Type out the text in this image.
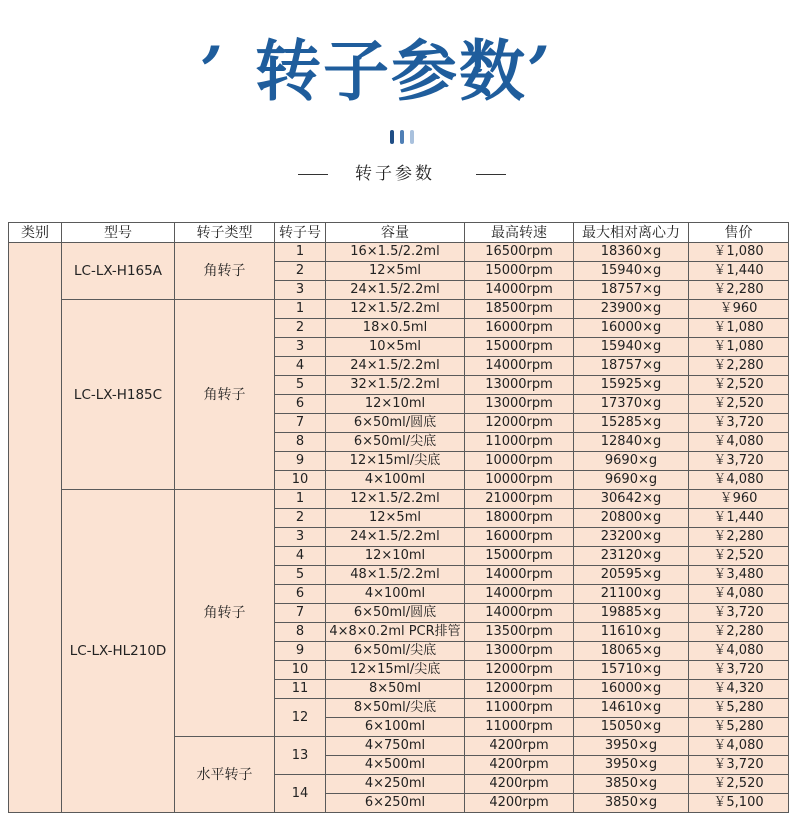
’ 转子参数’
转子参数
类别	型号	转子类型	转子号	容量	最高转速	最大相对离心力	售价
	LC-LX-H165A	角转子	1	16×1.5/2.2ml	16500rpm	18360×g	￥1,080
			2	12×5ml	15000rpm	15940×g	￥1,440
			3	24×1.5/2.2ml	14000rpm	18757×g	￥2,280
	LC-LX-H185C	角转子	1	12×1.5/2.2ml	18500rpm	23900×g	￥960
			2	18×0.5ml	16000rpm	16000×g	￥1,080
			3	10×5ml	15000rpm	15940×g	￥1,080
			4	24×1.5/2.2ml	14000rpm	18757×g	￥2,280
			5	32×1.5/2.2ml	13000rpm	15925×g	￥2,520
			6	12×10ml	13000rpm	17370×g	￥2,520
			7	6×50ml/圆底	12000rpm	15285×g	￥3,720
			8	6×50ml/尖底	11000rpm	12840×g	￥4,080
			9	12×15ml/尖底	10000rpm	9690×g	￥3,720
			10	4×100ml	10000rpm	9690×g	￥4,080
	LC-LX-HL210D	角转子	1	12×1.5/2.2ml	21000rpm	30642×g	￥960
			2	12×5ml	18000rpm	20800×g	￥1,440
			3	24×1.5/2.2ml	16000rpm	23200×g	￥2,280
			4	12×10ml	15000rpm	23120×g	￥2,520
			5	48×1.5/2.2ml	14000rpm	20595×g	￥3,480
			6	4×100ml	14000rpm	21100×g	￥4,080
			7	6×50ml/圆底	14000rpm	19885×g	￥3,720
			8	4×8×0.2ml PCR排管	13500rpm	11610×g	￥2,280
			9	6×50ml/尖底	13000rpm	18065×g	￥4,080
			10	12×15ml/尖底	12000rpm	15710×g	￥3,720
			11	8×50ml	12000rpm	16000×g	￥4,320
			12	8×50ml/尖底	11000rpm	14610×g	￥5,280
				6×100ml	11000rpm	15050×g	￥5,280
		水平转子	13	4×750ml	4200rpm	3950×g	￥4,080
				4×500ml	4200rpm	3950×g	￥3,720
			14	4×250ml	4200rpm	3850×g	￥2,520
				6×250ml	4200rpm	3850×g	￥5,100
